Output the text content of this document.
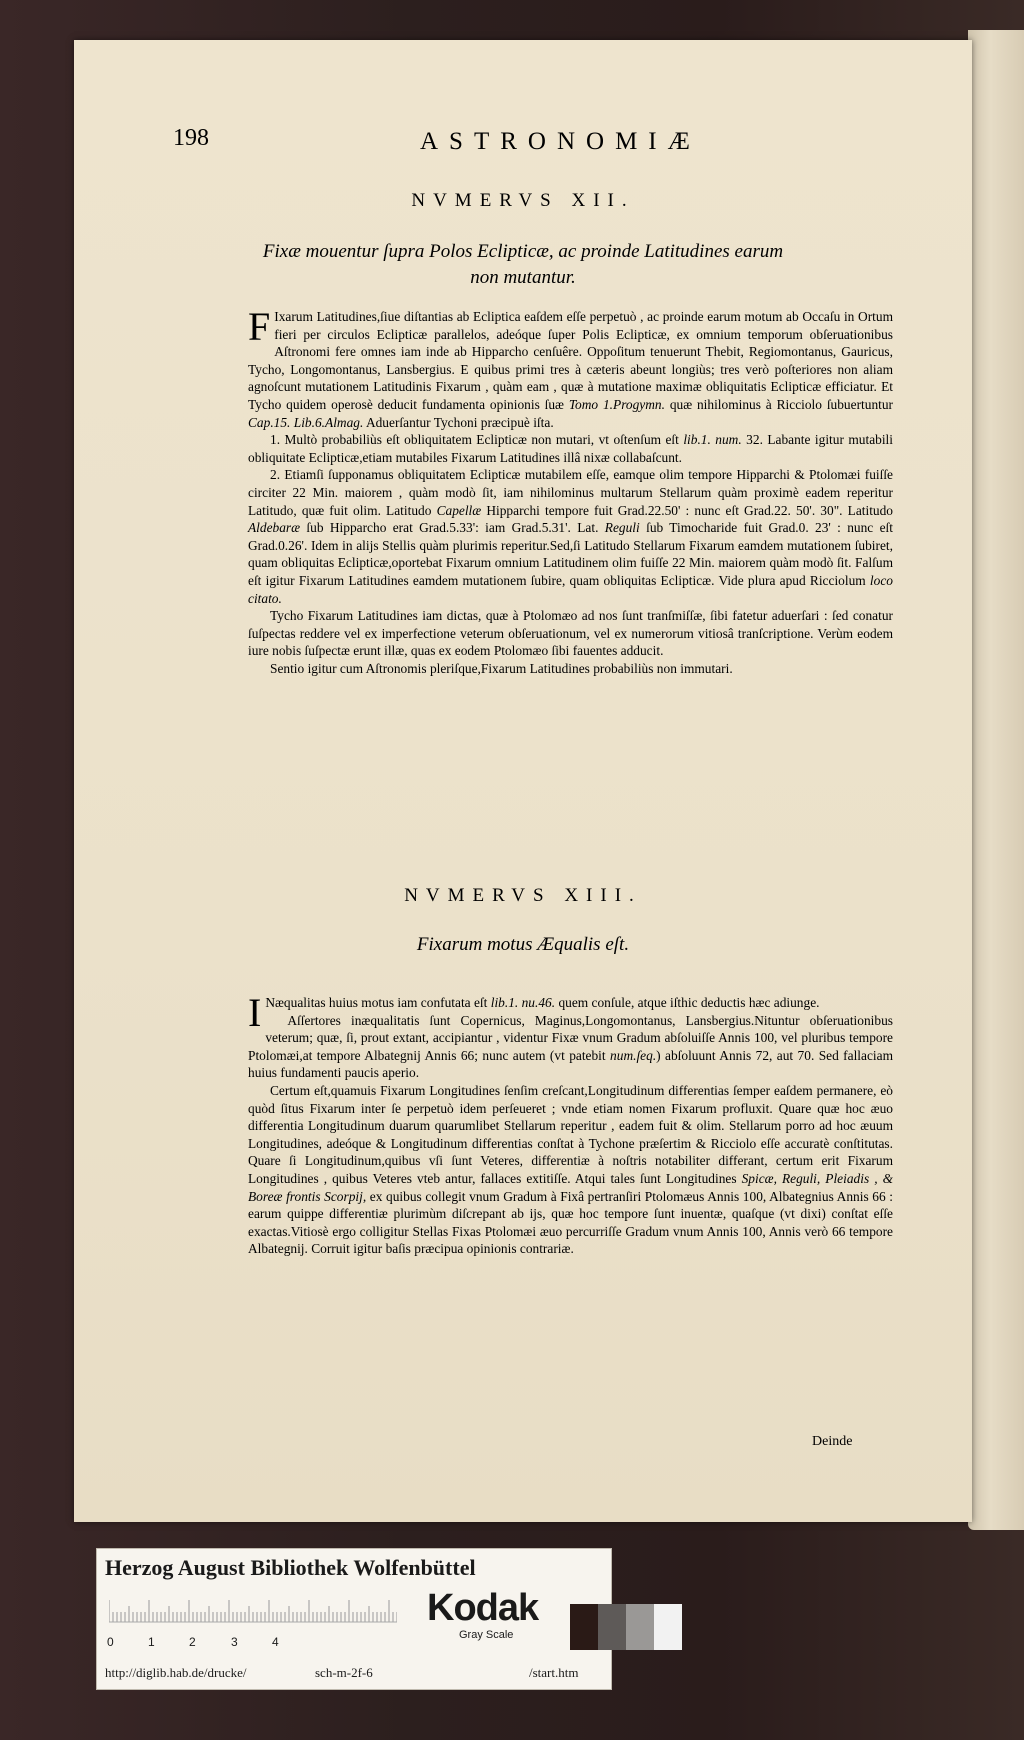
198	ASTRONOMIÆ
NVMERVS XII.
Fixæ mouentur ſupra Polos Eclipticæ, ac proinde Latitudines earum
non mutantur.

F Ixarum Latitudines,ſiue diſtantias ab Ecliptica eaſdem eſſe perpetuò , ac proinde earum motum ab Occaſu in Ortum fieri per circulos Eclipticæ parallelos, adeóque ſuper Polis Eclipticæ, ex omnium temporum obſeruationibus Aſtronomi fere omnes iam inde ab Hipparcho cenſuêre. Oppoſitum tenuerunt Thebit, Regiomontanus, Gauricus, Tycho, Longomontanus, Lansbergius. E quibus primi tres à cæteris abeunt longiùs; tres verò poſteriores non aliam agnoſcunt mutationem Latitudinis Fixarum , quàm eam , quæ à mutatione maximæ obliquitatis Eclipticæ efficiatur. Et Tycho quidem operosè deducit fundamenta opinionis ſuæ Tomo 1.Progymn. quæ nihilominus à Ricciolo ſubuertuntur Cap.15. Lib.6.Almag. Aduerſantur Tychoni præcipuè iſta.

1. Multò probabiliùs eſt obliquitatem Eclipticæ non mutari, vt oſtenſum eſt lib.1. num. 32. Labante igitur mutabili obliquitate Eclipticæ,etiam mutabiles Fixarum Latitudines illâ nixæ collabaſcunt.

2. Etiamſi ſupponamus obliquitatem Eclipticæ mutabilem eſſe, eamque olim tempore Hipparchi & Ptolomæi fuiſſe circiter 22 Min. maiorem , quàm modò ſit, iam nihilominus multarum Stellarum quàm proximè eadem reperitur Latitudo, quæ fuit olim. Latitudo Capellæ Hipparchi tempore fuit Grad.22.50' : nunc eſt Grad.22. 50'. 30". Latitudo Aldebaræ ſub Hipparcho erat Grad.5.33': iam Grad.5.31'. Lat. Reguli ſub Timocharide fuit Grad.0. 23' : nunc eſt Grad.0.26'. Idem in alijs Stellis quàm plurimis reperitur.Sed,ſi Latitudo Stellarum Fixarum eamdem mutationem ſubiret, quam obliquitas Eclipticæ,oportebat Fixarum omnium Latitudinem olim fuiſſe 22 Min. maiorem quàm modò ſit. Falſum eſt igitur Fixarum Latitudines eamdem mutationem ſubire, quam obliquitas Eclipticæ. Vide plura apud Ricciolum loco citato.

Tycho Fixarum Latitudines iam dictas, quæ à Ptolomæo ad nos ſunt tranſmiſſæ, ſibi fatetur aduerſari : ſed conatur ſuſpectas reddere vel ex imperfectione veterum obſeruationum, vel ex numerorum vitiosâ tranſcriptione. Verùm eodem iure nobis ſuſpectæ erunt illæ, quas ex eodem Ptolomæo ſibi fauentes adducit.

Sentio igitur cum Aſtronomis pleriſque,Fixarum Latitudines probabiliùs non immutari.

NVMERVS XIII.
Fixarum motus Æqualis eſt.

I Næqualitas huius motus iam confutata eſt lib.1. nu.46. quem conſule, atque iſthic deductis hæc adiunge.

Aſſertores inæqualitatis ſunt Copernicus, Maginus,Longomontanus, Lansbergius.Nituntur obſeruationibus veterum; quæ, ſi, prout extant, accipiantur , videntur Fixæ vnum Gradum abſoluiſſe Annis 100, vel pluribus tempore Ptolomæi,at tempore Albategnij Annis 66; nunc autem (vt patebit num.ſeq.) abſoluunt Annis 72, aut 70. Sed fallaciam huius fundamenti paucis aperio.

Certum eſt,quamuis Fixarum Longitudines ſenſim creſcant,Longitudinum differentias ſemper eaſdem permanere, eò quòd ſitus Fixarum inter ſe perpetuò idem perſeueret ; vnde etiam nomen Fixarum profluxit. Quare quæ hoc æuo differentia Longitudinum duarum quarumlibet Stellarum reperitur , eadem fuit & olim. Stellarum porro ad hoc æuum Longitudines, adeóque & Longitudinum differentias conſtat à Tychone præſertim & Ricciolo eſſe accuratè conſtitutas. Quare ſi Longitudinum,quibus vſi ſunt Veteres, differentiæ à noſtris notabiliter differant, certum erit Fixarum Longitudines , quibus Veteres vteb antur, fallaces extitiſſe. Atqui tales ſunt Longitudines Spicæ, Reguli, Pleiadis , & Boreæ frontis Scorpij, ex quibus collegit vnum Gradum à Fixâ pertranſiri Ptolomæus Annis 100, Albategnius Annis 66 : earum quippe differentiæ plurimùm diſcrepant ab ijs, quæ hoc tempore ſunt inuentæ, quaſque (vt dixi) conſtat eſſe exactas.Vitiosè ergo colligitur Stellas Fixas Ptolomæi æuo percurriſſe Gradum vnum Annis 100, Annis verò 66 tempore Albategnij. Corruit igitur baſis præcipua opinionis contrariæ.

Deinde
Herzog August Bibliothek Wolfenbüttel
0	1	2	3	4
Kodak
Gray Scale
http://diglib.hab.de/drucke/	sch-m-2f-6	/start.htm
